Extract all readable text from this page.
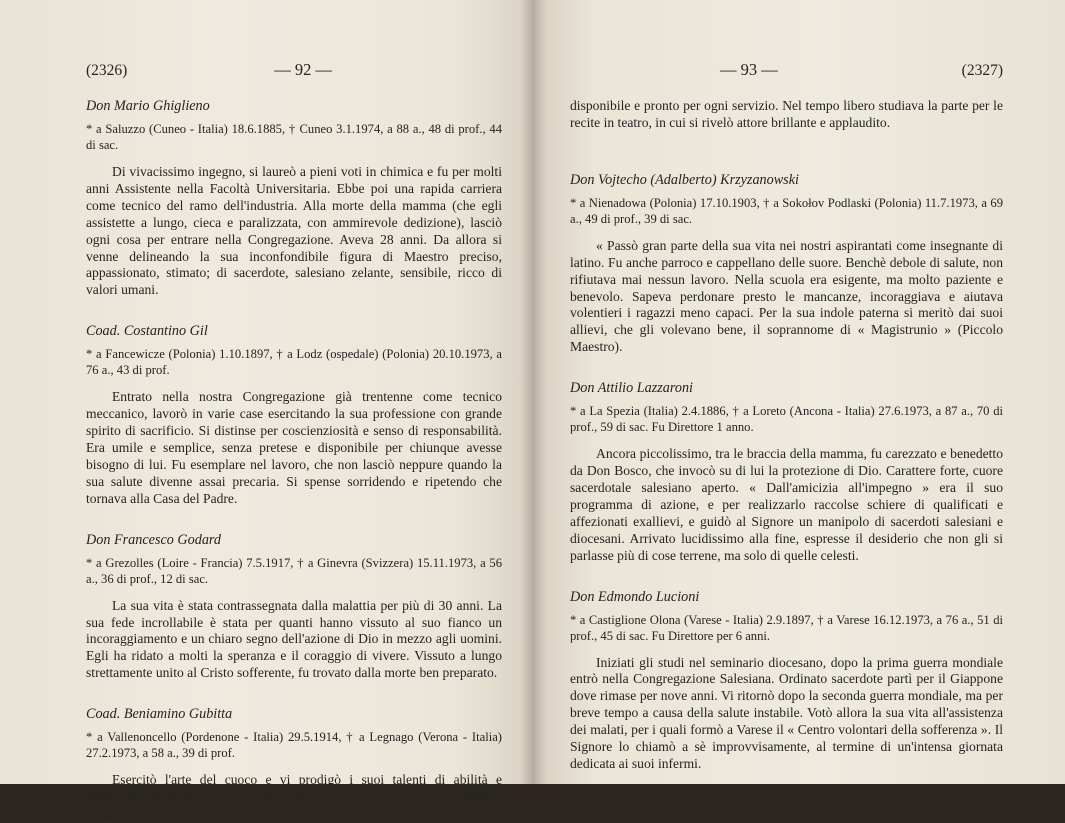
(2326)	— 92 —

Don Mario Ghiglieno

* a Saluzzo (Cuneo - Italia) 18.6.1885, † Cuneo 3.1.1974, a 88 a., 48 di prof., 44 di sac.

Di vivacissimo ingegno, si laureò a pieni voti in chimica e fu per molti anni Assistente nella Facoltà Universitaria. Ebbe poi una rapida carriera come tecnico del ramo dell'industria. Alla morte della mamma (che egli assistette a lungo, cieca e paralizzata, con ammirevole dedizione), lasciò ogni cosa per entrare nella Congregazione. Aveva 28 anni. Da allora si venne delineando la sua inconfondibile figura di Maestro preciso, appassionato, stimato; di sacerdote, salesiano zelante, sensibile, ricco di valori umani.

Coad. Costantino Gil

* a Fancewicze (Polonia) 1.10.1897, † a Lodz (ospedale) (Polonia) 20.10.1973, a 76 a., 43 di prof.

Entrato nella nostra Congregazione già trentenne come tecnico meccanico, lavorò in varie case esercitando la sua professione con grande spirito di sacrificio. Si distinse per coscienziosità e senso di responsabilità. Era umile e semplice, senza pretese e disponibile per chiunque avesse bisogno di lui. Fu esemplare nel lavoro, che non lasciò neppure quando la sua salute divenne assai precaria. Si spense sorridendo e ripetendo che tornava alla Casa del Padre.

Don Francesco Godard

* a Grezolles (Loire - Francia) 7.5.1917, † a Ginevra (Svizzera) 15.11.1973, a 56 a., 36 di prof., 12 di sac.

La sua vita è stata contrassegnata dalla malattia per più di 30 anni. La sua fede incrollabile è stata per quanti hanno vissuto al suo fianco un incoraggiamento e un chiaro segno dell'azione di Dio in mezzo agli uomini. Egli ha ridato a molti la speranza e il coraggio di vivere. Vissuto a lungo strettamente unito al Cristo sofferente, fu trovato dalla morte ben preparato.

Coad. Beniamino Gubitta

* a Vallenoncello (Pordenone - Italia) 29.5.1914, † a Legnago (Verona - Italia) 27.2.1973, a 58 a., 39 di prof.

Esercitò l'arte del cuoco e vi prodigò i suoi talenti di abilità e laboriosità. Sempre con il suo bel sorriso aperto e sereno, con la battuta arguta,

— 93 —	(2327)

disponibile e pronto per ogni servizio. Nel tempo libero studiava la parte per le recite in teatro, in cui si rivelò attore brillante e applaudito.

Don Vojtecho (Adalberto) Krzyzanowski

* a Nienadowa (Polonia) 17.10.1903, † a Sokołov Podlaski (Polonia) 11.7.1973, a 69 a., 49 di prof., 39 di sac.

« Passò gran parte della sua vita nei nostri aspirantati come insegnante di latino. Fu anche parroco e cappellano delle suore. Benchè debole di salute, non rifiutava mai nessun lavoro. Nella scuola era esigente, ma molto paziente e benevolo. Sapeva perdonare presto le mancanze, incoraggiava e aiutava volentieri i ragazzi meno capaci. Per la sua indole paterna si meritò dai suoi allievi, che gli volevano bene, il soprannome di « Magistrunio » (Piccolo Maestro).

Don Attilio Lazzaroni

* a La Spezia (Italia) 2.4.1886, † a Loreto (Ancona - Italia) 27.6.1973, a 87 a., 70 di prof., 59 di sac. Fu Direttore 1 anno.

Ancora piccolissimo, tra le braccia della mamma, fu carezzato e benedetto da Don Bosco, che invocò su di lui la protezione di Dio. Carattere forte, cuore sacerdotale salesiano aperto. « Dall'amicizia all'impegno » era il suo programma di azione, e per realizzarlo raccolse schiere di qualificati e affezionati exallievi, e guidò al Signore un manipolo di sacerdoti salesiani e diocesani. Arrivato lucidissimo alla fine, espresse il desiderio che non gli si parlasse più di cose terrene, ma solo di quelle celesti.

Don Edmondo Lucioni

* a Castiglione Olona (Varese - Italia) 2.9.1897, † a Varese 16.12.1973, a 76 a., 51 di prof., 45 di sac. Fu Direttore per 6 anni.

Iniziati gli studi nel seminario diocesano, dopo la prima guerra mondiale entrò nella Congregazione Salesiana. Ordinato sacerdote partì per il Giappone dove rimase per nove anni. Vi ritornò dopo la seconda guerra mondiale, ma per breve tempo a causa della salute instabile. Votò allora la sua vita all'assistenza dei malati, per i quali formò a Varese il « Centro volontari della sofferenza ». Il Signore lo chiamò a sè improvvisamente, al termine di un'intensa giornata dedicata ai suoi infermi.
